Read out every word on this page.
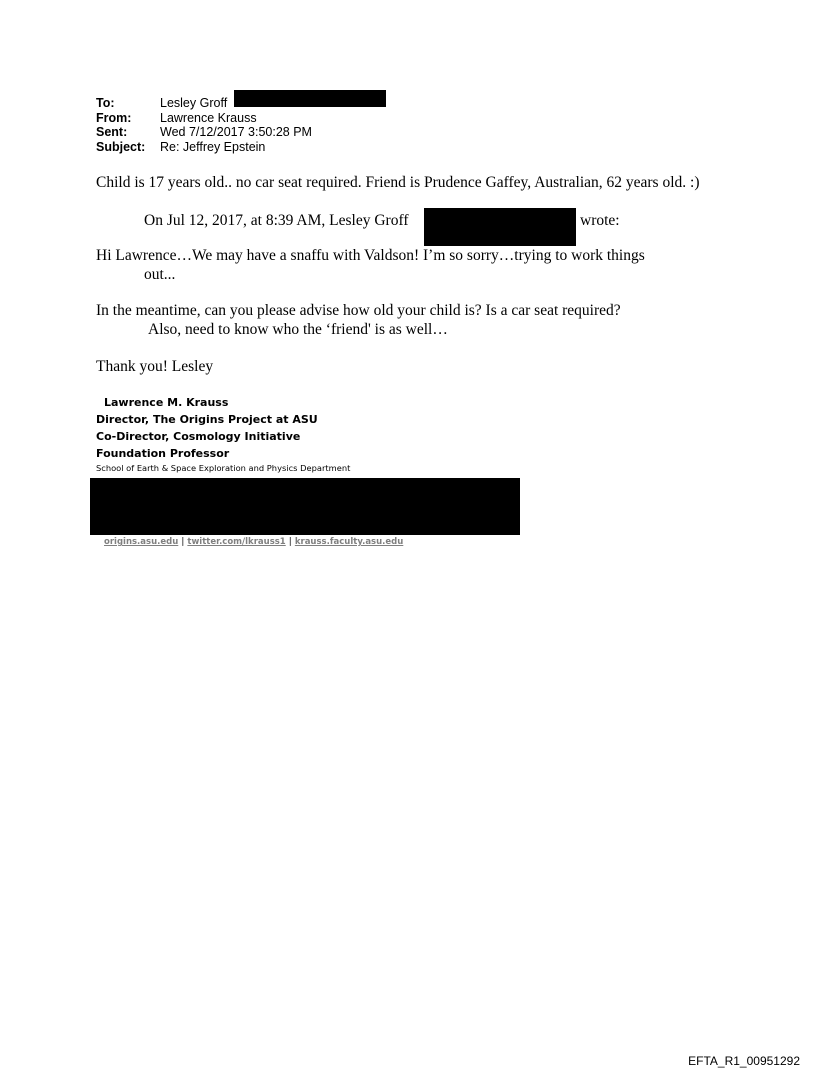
To:	Lesley Groff
From:	Lawrence Krauss
Sent:	Wed 7/12/2017 3:50:28 PM
Subject:	Re: Jeffrey Epstein
Child is 17 years old.. no car seat required. Friend is Prudence Gaffey, Australian, 62 years old. :)
On Jul 12, 2017, at 8:39 AM, Lesley Groff	wrote:
Hi Lawrence…We may have a snaffu with Valdson! I’m so sorry…trying to work things
out...
In the meantime, can you please advise how old your child is? Is a car seat required?
Also, need to know who the ‘friend' is as well…
Thank you! Lesley
Lawrence M. Krauss
Director, The Origins Project at ASU
Co-Director, Cosmology Initiative
Foundation Professor
School of Earth & Space Exploration and Physics Department
origins.asu.edu | twitter.com/lkrauss1 | krauss.faculty.asu.edu
EFTA_R1_00951292
